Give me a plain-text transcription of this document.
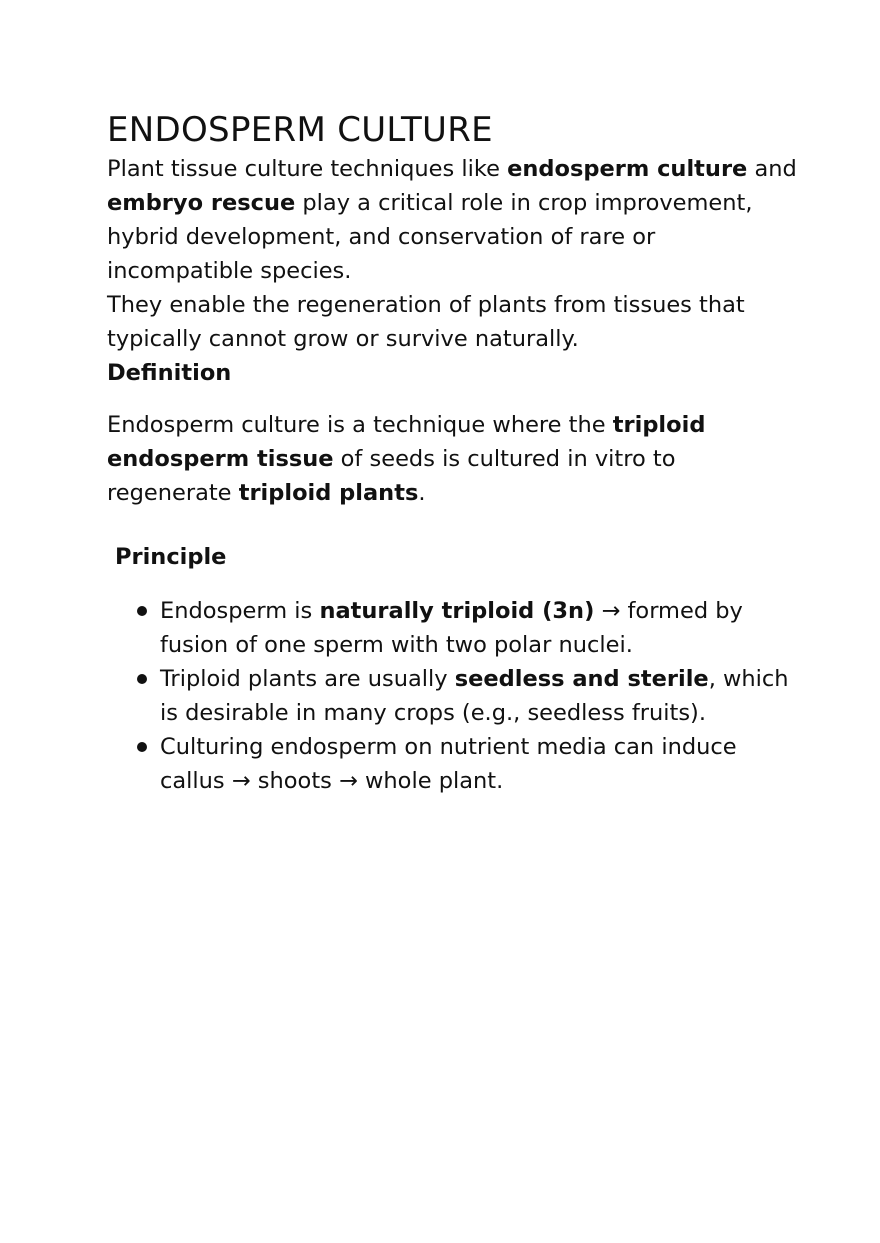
ENDOSPERM CULTURE

Plant tissue culture techniques like endosperm culture and embryo rescue play a critical role in crop improvement, hybrid development, and conservation of rare or incompatible species.

They enable the regeneration of plants from tissues that typically cannot grow or survive naturally.

Definition

Endosperm culture is a technique where the triploid endosperm tissue of seeds is cultured in vitro to regenerate triploid plants.

Principle
Endosperm is naturally triploid (3n) → formed by fusion of one sperm with two polar nuclei.
Triploid plants are usually seedless and sterile, which is desirable in many crops (e.g., seedless fruits).
Culturing endosperm on nutrient media can induce callus → shoots → whole plant.
